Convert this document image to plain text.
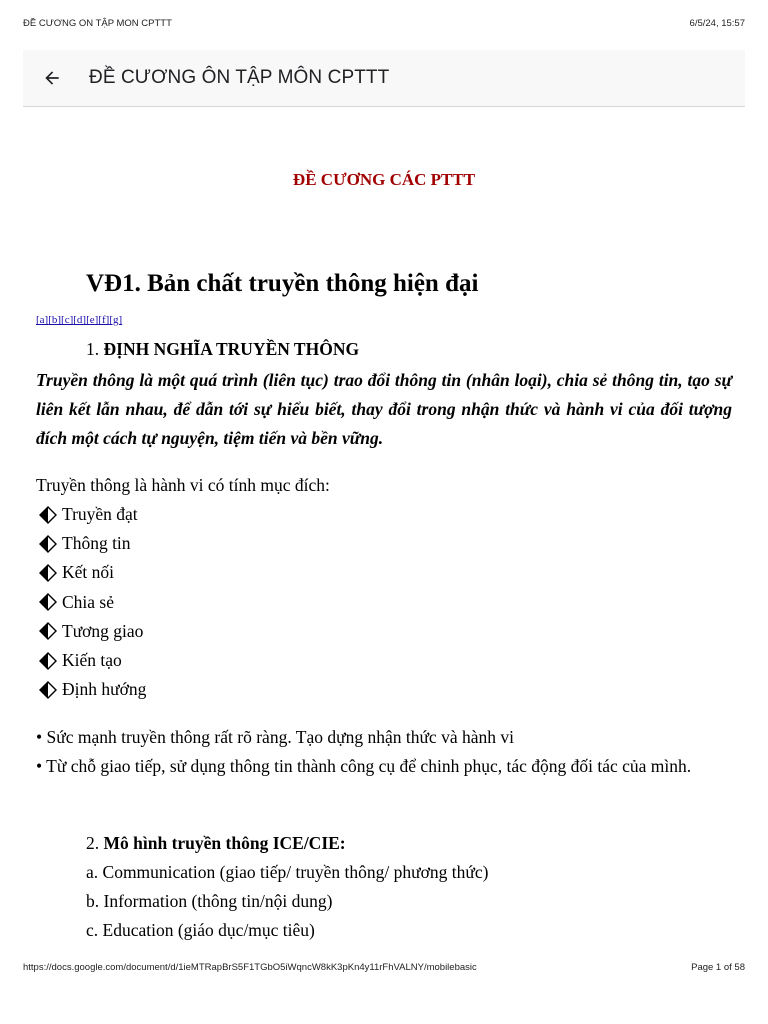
ĐỀ CƯƠNG ON TẬP MON CPTTT	6/5/24, 15:57
ĐỀ CƯƠNG ÔN TẬP MÔN CPTTT
ĐỀ CƯƠNG CÁC PTTT
VĐ1. Bản chất truyền thông hiện đại
[a][b][c][d][e][f][g]
1. ĐỊNH NGHĨA TRUYỀN THÔNG
Truyền thông là một quá trình (liên tục) trao đổi thông tin (nhân loại), chia sẻ thông tin, tạo sự liên kết lẫn nhau, để dẫn tới sự hiểu biết, thay đổi trong nhận thức và hành vi của đối tượng đích một cách tự nguyện, tiệm tiến và bền vững.
Truyền thông là hành vi có tính mục đích:
Truyền đạt
Thông tin
Kết nối
Chia sẻ
Tương giao
Kiến tạo
Định hướng
• Sức mạnh truyền thông rất rõ ràng. Tạo dựng nhận thức và hành vi
• Từ chỗ giao tiếp, sử dụng thông tin thành công cụ để chinh phục, tác động đối tác của mình.
2. Mô hình truyền thông ICE/CIE:
a. Communication (giao tiếp/ truyền thông/ phương thức)
b. Information (thông tin/nội dung)
c. Education (giáo dục/mục tiêu)
https://docs.google.com/document/d/1ieMTRapBrS5F1TGbO5iWqncW8kK3pKn4y11rFhVALNY/mobilebasic	Page 1 of 58
